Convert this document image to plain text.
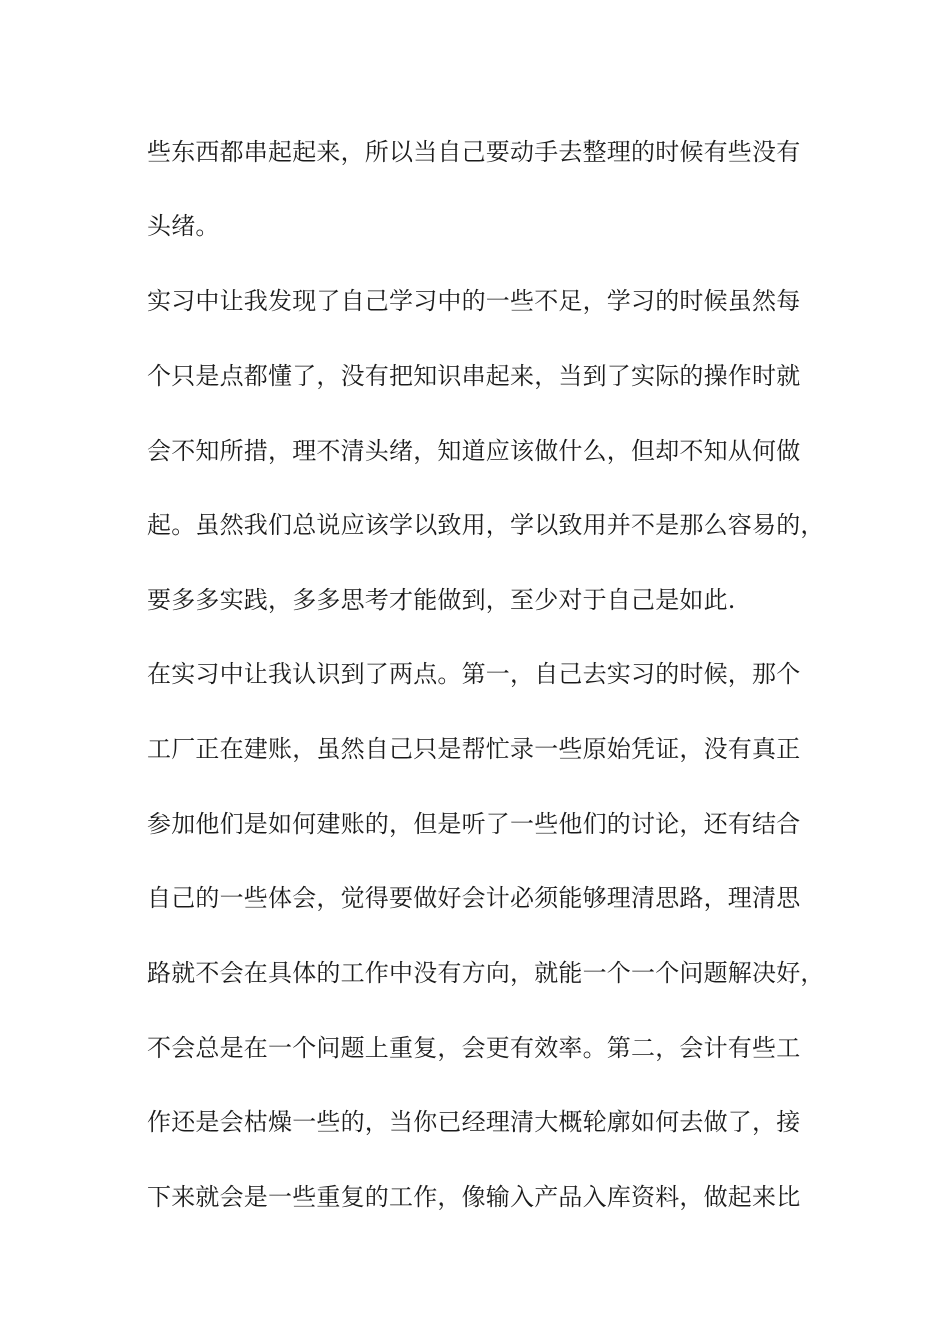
些东西都串起起来，所以当自己要动手去整理的时候有些没有
头绪。
实习中让我发现了自己学习中的一些不足，学习的时候虽然每
个只是点都懂了，没有把知识串起来，当到了实际的操作时就
会不知所措，理不清头绪，知道应该做什么，但却不知从何做
起。虽然我们总说应该学以致用，学以致用并不是那么容易的，
要多多实践，多多思考才能做到，至少对于自己是如此.
在实习中让我认识到了两点。第一，自己去实习的时候，那个
工厂正在建账，虽然自己只是帮忙录一些原始凭证，没有真正
参加他们是如何建账的，但是听了一些他们的讨论，还有结合
自己的一些体会，觉得要做好会计必须能够理清思路，理清思
路就不会在具体的工作中没有方向，就能一个一个问题解决好，
不会总是在一个问题上重复，会更有效率。第二，会计有些工
作还是会枯燥一些的，当你已经理清大概轮廓如何去做了，接
下来就会是一些重复的工作，像输入产品入库资料，做起来比
